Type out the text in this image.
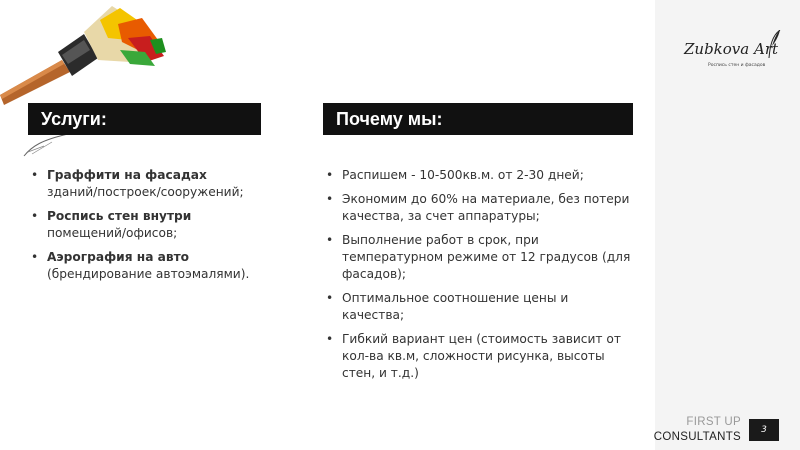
Zubkova Art
Роспись стен и фасадов
Услуги:
• Граффити на фасадах
зданий/построек/сооружений;
• Роспись стен внутри
помещений/офисов;
• Аэрография на авто
(брендирование автоэмалями).
Почему мы:
• Распишем - 10-500кв.м. от 2-30 дней;
• Экономим до 60% на материале, без потери качества, за счет аппаратуры;
• Выполнение работ в срок, при температурном режиме от 12 градусов (для фасадов);
• Оптимальное соотношение цены и качества;
• Гибкий вариант цен (стоимость зависит от кол-ва кв.м, сложности рисунка, высоты стен, и т.д.)
FIRST UP
CONSULTANTS
3
